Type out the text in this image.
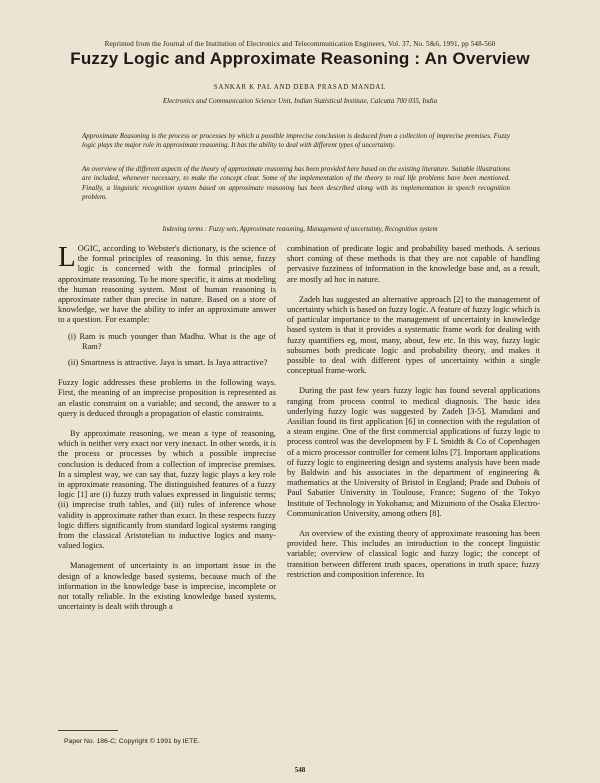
Reprinted from the Journal of the Institution of Electronics and Telecommunication Engineers, Vol. 37, No. 5&6, 1991, pp 548-560
Fuzzy Logic and Approximate Reasoning : An Overview
SANKAR K PAL AND DEBA PRASAD MANDAL
Electronics and Communication Science Unit, Indian Statistical Institute, Calcutta 700 035, India

Approximate Reasoning is the process or processes by which a possible imprecise conclusion is deduced from a collection of imprecise premises. Fuzzy logic plays the major role in approximate reasoning. It has the ability to deal with different types of uncertainty.

An overview of the different aspects of the theory of approximate reasoning has been provided here based on the existing literature. Suitable illustrations are included, whenever necessary, to make the concept clear. Some of the implementation of the theory to real life problems have been mentioned. Finally, a linguistic recognition system based on approximate reasoning has been described along with its implementation in speech recognition problem.

Indexing terms : Fuzzy sets, Approximate reasoning, Management of uncertainty, Recognition system

LOGIC, according to Webster's dictionary, is the science of the formal principles of reasoning. In this sense, fuzzy logic is concerned with the formal principles of approximate reasoning. To be more specific, it aims at modeling the human reasoning system. Most of human reasoning is approximate rather than precise in nature. Based on a store of knowledge, we have the ability to infer an approximate answer to a question. For example:

(i) Ram is much younger than Madhu. What is the age of Ram?

(ii) Smartness is attractive. Jaya is smart. Is Jaya attractive?

Fuzzy logic addresses these problems in the following ways. First, the meaning of an imprecise proposition is represented as an elastic constraint on a variable; and second, the answer to a query is deduced through a propagation of elastic constraints.

By approximate reasoning, we mean a type of reasoning, which is neither very exact nor very inexact. In other words, it is the process or processes by which a possible imprecise conclusion is deduced from a collection of imprecise premises. In a simplest way, we can say that, fuzzy logic plays a key role in approximate reasoning. The distinguished features of a fuzzy logic [1] are (i) fuzzy truth values expressed in linguistic terms; (ii) imprecise truth tables, and (iii) rules of inference whose validity is approximate rather than exact. In these respects fuzzy logic differs significantly from standard logical systems ranging from the classical Aristotelian to inductive logics and many-valued logics.

Management of uncertainty is an important issue in the design of a knowledge based systems, because much of the information in the knowledge base is imprecise, incomplete or not totally reliable. In the existing knowledge based systems, uncertainty is dealt with through a

combination of predicate logic and probability based methods. A serious short coming of these methods is that they are not capable of handling pervasive fuzziness of information in the knowledge base and, as a result, are mostly ad hoc in nature.

Zadeh has suggested an alternative approach [2] to the management of uncertainty which is based on fuzzy logic. A feature of fuzzy logic which is of particular importance to the management of uncertainty in knowledge based system is that it provides a systematic frame work for dealing with fuzzy quantifiers eg, most, many, about, few etc. In this way, fuzzy logic subsumes both predicate logic and probability theory, and makes it possible to deal with different types of uncertainty within a single conceptual frame-work.

During the past few years fuzzy logic has found several applications ranging from process control to medical diagnosis. The basic idea underlying fuzzy logic was suggested by Zadeh [3-5]. Mamdani and Assilian found its first application [6] in connection with the regulation of a steam engine. One of the first commercial applications of fuzzy logic to process control was the development by F L Smidth & Co of Copenhagen of a micro processor controller for cement kilns [7]. Important applications of fuzzy logic to engineering design and systems analysis have been made by Baldwin and his associates in the department of engineering & mathematics at the University of Bristol in England; Prade and Dubois of Paul Sabatier University in Toulouse, France; Sugeno of the Tokyo Institute of Technology in Yokohama; and Mizumoto of the Osaka Electro-Communication University, among others [8].

An overview of the existing theory of approximate reasoning has been provided here. This includes an introduction to the concept linguistic variable; overview of classical logic and fuzzy logic; the concept of transition between different truth spaces, operations in truth space; fuzzy restriction and composition inference. Its

Paper No. 186-C; Copyright © 1991 by IETE.
548
